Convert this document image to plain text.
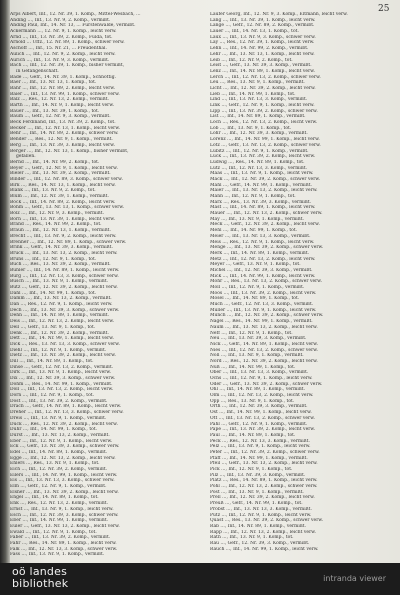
25
Arps Albert, Inf., 12. Nr. 39, 1. Komp., Mittel-Wesbach, ...
Anding ..., Inf., 13. Nr. 9, 2. Komp., vermißt.
Anding Paul, Inf., 14. Nr. 13, ... Fürstenwalde, vermißt.
Ackermann ..., 12. Nr. 9, 1. Komp., leicht verw.
Arnd ..., Inf., 13. Nr. 39, 2. Komp., Fulda, tot.
Arnold ... Uffz., 12. Nr. 89, 1. Komp., schwer verw.
Aschoff ..., Inf., 15. Nr. 21, ... Freudenthal.
Aulich ..., Inf., 12. Nr. 9, 2. Komp., leicht verw.
Aurich ..., Inf., 13. Nr. 9, 3. Komp., vermißt.
Bach ..., Inf., 12. Nr. 39, 1. Komp., bisher vermißt,
in Gefangenschaft.
Bade ..., Gefr., 14. Nr. 39, 1. Komp., Schnöttig.
Baer ..., Inf., 13. Nr. 13, 1. Komp., tot.
Bahr ..., Inf., 12. Nr. 89, 2. Komp., leicht verw.
Baier ..., Inf., 13. Nr. 99, 1. Komp., schwer verw.
Balz ..., Res., 12. Nr. 13, 2. Komp., vermißt.
Barth ..., Inf., 14. Nr. 9, 1. Komp., leicht verw.
Bauer ..., Inf., 13. Nr. 39, 1. Komp., tot.
Baum ..., Gefr., 12. Nr. 9, 3. Komp., vermißt.
Beck Ferdinand, Inf., 13. Nr. 39, 2. Komp., tot.
Becker ..., Inf., 12. Nr. 13, 1. Komp., leicht verw.
Behr ..., Inf., 14. Nr. 89, 2. Komp., schwer verw.
Bender ..., Res., 12. Nr. 9, 1. Komp., vermißt.
Berg ..., Inf., 13. Nr. 39, 3. Komp., leicht verw.
Berger ..., Inf., 12. Nr. 13, 1. Komp., bisher vermißt,
gefallen.
Bernd ..., Inf., 14. Nr. 99, 2. Komp., tot.
Beyer ..., Gefr., 12. Nr. 9, 1. Komp., leicht verw.
Bieler ..., Inf., 13. Nr. 39, 2. Komp., vermißt.
Binder ..., Inf., 12. Nr. 89, 3. Komp., schwer verw.
Birk ..., Res., 14. Nr. 13, 1. Komp., leicht verw.
Blank ..., Inf., 13. Nr. 9, 2. Komp., tot.
Blum ..., Inf., 12. Nr. 39, 1. Komp., vermißt.
Bock ..., Inf., 14. Nr. 89, 2. Komp., leicht verw.
Böhm ..., Gefr., 13. Nr. 13, 1. Komp., schwer verw.
Bolz ..., Inf., 12. Nr. 9, 3. Komp., vermißt.
Born ..., Inf., 13. Nr. 39, 1. Komp., leicht verw.
Brand ..., Res., 14. Nr. 99, 2. Komp., tot.
Braun ..., Inf., 12. Nr. 13, 1. Komp., vermißt.
Brecht ..., Inf., 13. Nr. 9, 2. Komp., leicht verw.
Brenner ..., Inf., 12. Nr. 89, 1. Komp., schwer verw.
Brink ..., Gefr., 14. Nr. 39, 3. Komp., vermißt.
Brück ..., Inf., 13. Nr. 13, 2. Komp., leicht verw.
Bruns ..., Inf., 12. Nr. 9, 1. Komp., tot.
Buch ..., Res., 13. Nr. 39, 2. Komp., vermißt.
Bühler ..., Inf., 14. Nr. 89, 1. Komp., leicht verw.
Burg ..., Inf., 12. Nr. 13, 3. Komp., schwer verw.
Busch ..., Inf., 13. Nr. 9, 1. Komp., vermißt.
Butz ..., Gefr., 12. Nr. 39, 2. Komp., leicht verw.
Dahl ..., Inf., 14. Nr. 99, 1. Komp., tot.
Damm ..., Inf., 13. Nr. 13, 2. Komp., vermißt.
Dan ..., Res., 12. Nr. 9, 1. Komp., leicht verw.
Dech ..., Inf., 13. Nr. 39, 3. Komp., schwer verw.
Dehn ..., Inf., 14. Nr. 89, 1. Komp., vermißt.
Deis ..., Inf., 12. Nr. 13, 2. Komp., leicht verw.
Dell ..., Gefr., 13. Nr. 9, 1. Komp., tot.
Denk ..., Inf., 12. Nr. 39, 2. Komp., vermißt.
Dett ..., Inf., 14. Nr. 99, 1. Komp., leicht verw.
Dick ..., Res., 13. Nr. 13, 3. Komp., schwer verw.
Diehl ..., Inf., 12. Nr. 9, 1. Komp., vermißt.
Dietz ..., Inf., 13. Nr. 39, 2. Komp., leicht verw.
Dill ..., Inf., 14. Nr. 89, 1. Komp., tot.
Dinse ..., Gefr., 12. Nr. 13, 2. Komp., vermißt.
Dirk ..., Inf., 13. Nr. 9, 1. Komp., leicht verw.
Dix ..., Inf., 12. Nr. 39, 3. Komp., schwer verw.
Dohm ..., Res., 14. Nr. 99, 1. Komp., vermißt.
Doll ..., Inf., 13. Nr. 13, 2. Komp., leicht verw.
Dorn ..., Inf., 12. Nr. 9, 1. Komp., tot.
Dost ..., Inf., 13. Nr. 39, 2. Komp., vermißt.
Drach ..., Gefr., 14. Nr. 89, 1. Komp., leicht verw.
Dreher ..., Inf., 12. Nr. 13, 3. Komp., schwer verw.
Dreis ..., Inf., 13. Nr. 9, 1. Komp., vermißt.
Duck ..., Res., 12. Nr. 39, 2. Komp., leicht verw.
Dühr ..., Inf., 14. Nr. 99, 1. Komp., tot.
Durst ..., Inf., 13. Nr. 13, 2. Komp., vermißt.
Eber ..., Inf., 12. Nr. 9, 1. Komp., leicht verw.
Eck ..., Gefr., 13. Nr. 39, 3. Komp., schwer verw.
Edel ..., Inf., 14. Nr. 89, 1. Komp., vermißt.
Egge ..., Inf., 12. Nr. 13, 2. Komp., leicht verw.
Ehlers ..., Res., 13. Nr. 9, 1. Komp., tot.
Eich ..., Inf., 12. Nr. 39, 2. Komp., vermißt.
Eilers ..., Inf., 14. Nr. 99, 1. Komp., leicht verw.
Eis ..., Inf., 13. Nr. 13, 3. Komp., schwer verw.
Elm ..., Gefr., 12. Nr. 9, 1. Komp., vermißt.
Elsner ..., Inf., 13. Nr. 39, 2. Komp., leicht verw.
Engel ..., Inf., 14. Nr. 89, 1. Komp., tot.
Enk ..., Res., 12. Nr. 13, 2. Komp., vermißt.
Ernst ..., Inf., 13. Nr. 9, 1. Komp., leicht verw.
Esch ..., Inf., 12. Nr. 39, 3. Komp., schwer verw.
Eßer ..., Inf., 14. Nr. 99, 1. Komp., vermißt.
Euler ..., Gefr., 13. Nr. 13, 2. Komp., leicht verw.
Ewald ..., Inf., 12. Nr. 9, 1. Komp., tot.
Faber ..., Inf., 13. Nr. 39, 2. Komp., vermißt.
Fahr ..., Res., 14. Nr. 89, 1. Komp., leicht verw.
Falk ..., Inf., 12. Nr. 13, 3. Komp., schwer verw.
Fass ..., Inf., 13. Nr. 9, 1. Komp., vermißt.
Laufer Georg, Inf., 12. Nr. 9, 3. Komp., Eltmann, leicht verw.
Lang ..., Inf., 13. Nr. 39, 1. Komp., leicht verw.
Lange ..., Gefr., 12. Nr. 89, 2. Komp., vermißt.
Lauer ..., Inf., 14. Nr. 13, 1. Komp., tot.
Laux ..., Inf., 13. Nr. 9, 3. Komp., schwer verw.
Lay ..., Res., 12. Nr. 39, 1. Komp., leicht verw.
Lehn ..., Inf., 14. Nr. 99, 2. Komp., vermißt.
Lehr ..., Inf., 13. Nr. 13, 1. Komp., leicht verw.
Leib ..., Inf., 12. Nr. 9, 2. Komp., tot.
Leist ..., Gefr., 13. Nr. 39, 3. Komp., vermißt.
Lenz ..., Inf., 14. Nr. 89, 1. Komp., leicht verw.
Lerch ..., Inf., 12. Nr. 13, 2. Komp., schwer verw.
Leu ..., Res., 13. Nr. 9, 1. Komp., vermißt.
Licht ..., Inf., 12. Nr. 39, 2. Komp., leicht verw.
Lieb ..., Inf., 14. Nr. 99, 1. Komp., tot.
Lind ..., Inf., 13. Nr. 13, 3. Komp., vermißt.
Link ..., Gefr., 12. Nr. 9, 1. Komp., leicht verw.
Lipp ..., Inf., 13. Nr. 39, 2. Komp., schwer verw.
List ..., Inf., 14. Nr. 89, 1. Komp., vermißt.
Loch ..., Res., 12. Nr. 13, 2. Komp., leicht verw.
Löb ..., Inf., 13. Nr. 9, 1. Komp., tot.
Lohr ..., Inf., 12. Nr. 39, 3. Komp., vermißt.
Lorenz ..., Inf., 14. Nr. 99, 1. Komp., leicht verw.
Lotz ..., Gefr., 13. Nr. 13, 2. Komp., schwer verw.
Lubitz ..., Inf., 12. Nr. 9, 1. Komp., vermißt.
Lück ..., Inf., 13. Nr. 39, 2. Komp., leicht verw.
Ludwig ..., Res., 14. Nr. 89, 1. Komp., tot.
Lutz ..., Inf., 12. Nr. 13, 3. Komp., vermißt.
Maas ..., Inf., 13. Nr. 9, 1. Komp., leicht verw.
Mack ..., Inf., 12. Nr. 39, 2. Komp., schwer verw.
Mahl ..., Gefr., 14. Nr. 99, 1. Komp., vermißt.
Maier ..., Inf., 13. Nr. 13, 2. Komp., leicht verw.
Mann ..., Inf., 12. Nr. 9, 1. Komp., tot.
Marx ..., Res., 13. Nr. 39, 3. Komp., vermißt.
Mast ..., Inf., 14. Nr. 89, 1. Komp., leicht verw.
Mauer ..., Inf., 12. Nr. 13, 2. Komp., schwer verw.
May ..., Inf., 13. Nr. 9, 1. Komp., vermißt.
Meck ..., Gefr., 12. Nr. 39, 2. Komp., leicht verw.
Mehl ..., Inf., 14. Nr. 99, 1. Komp., tot.
Meier ..., Inf., 13. Nr. 13, 3. Komp., vermißt.
Meis ..., Res., 12. Nr. 9, 1. Komp., leicht verw.
Menge ..., Inf., 13. Nr. 39, 2. Komp., schwer verw.
Merk ..., Inf., 14. Nr. 89, 1. Komp., vermißt.
Metz ..., Inf., 12. Nr. 13, 2. Komp., leicht verw.
Meyer ..., Gefr., 13. Nr. 9, 1. Komp., tot.
Michel ..., Inf., 12. Nr. 39, 3. Komp., vermißt.
Mick ..., Inf., 14. Nr. 99, 1. Komp., leicht verw.
Mohr ..., Res., 13. Nr. 13, 2. Komp., schwer verw.
Moll ..., Inf., 12. Nr. 9, 1. Komp., vermißt.
Moos ..., Inf., 13. Nr. 39, 2. Komp., leicht verw.
Mosel ..., Inf., 14. Nr. 89, 1. Komp., tot.
Much ..., Gefr., 12. Nr. 13, 3. Komp., vermißt.
Müller ..., Inf., 13. Nr. 9, 1. Komp., leicht verw.
Münch ..., Inf., 12. Nr. 39, 2. Komp., schwer verw.
Nagel ..., Res., 14. Nr. 99, 1. Komp., vermißt.
Naum ..., Inf., 13. Nr. 13, 2. Komp., leicht verw.
Neff ..., Inf., 12. Nr. 9, 1. Komp., tot.
Neu ..., Inf., 13. Nr. 39, 3. Komp., vermißt.
Nick ..., Gefr., 14. Nr. 89, 1. Komp., leicht verw.
Nies ..., Inf., 12. Nr. 13, 2. Komp., schwer verw.
Noll ..., Inf., 13. Nr. 9, 1. Komp., vermißt.
Nord ..., Res., 12. Nr. 39, 2. Komp., leicht verw.
Nuß ..., Inf., 14. Nr. 99, 1. Komp., tot.
Ober ..., Inf., 13. Nr. 13, 3. Komp., vermißt.
Ochs ..., Inf., 12. Nr. 9, 1. Komp., leicht verw.
Oder ..., Gefr., 13. Nr. 39, 2. Komp., schwer verw.
Ohl ..., Inf., 14. Nr. 89, 1. Komp., vermißt.
Olm ..., Inf., 12. Nr. 13, 2. Komp., leicht verw.
Opp ..., Res., 13. Nr. 9, 1. Komp., tot.
Orth ..., Inf., 12. Nr. 39, 3. Komp., vermißt.
Ost ..., Inf., 14. Nr. 99, 1. Komp., leicht verw.
Ott ..., Inf., 13. Nr. 13, 2. Komp., schwer verw.
Pahl ..., Gefr., 12. Nr. 9, 1. Komp., vermißt.
Pape ..., Inf., 13. Nr. 39, 2. Komp., leicht verw.
Paul ..., Inf., 14. Nr. 89, 1. Komp., tot.
Peck ..., Res., 12. Nr. 13, 3. Komp., vermißt.
Pelz ..., Inf., 13. Nr. 9, 1. Komp., leicht verw.
Peter ..., Inf., 12. Nr. 39, 2. Komp., schwer verw.
Pfaff ..., Inf., 14. Nr. 99, 1. Komp., vermißt.
Pfeil ..., Gefr., 13. Nr. 13, 2. Komp., leicht verw.
Pick ..., Inf., 12. Nr. 9, 1. Komp., tot.
Pilz ..., Inf., 13. Nr. 39, 3. Komp., vermißt.
Platz ..., Res., 14. Nr. 89, 1. Komp., leicht verw.
Pohl ..., Inf., 12. Nr. 13, 2. Komp., schwer verw.
Post ..., Inf., 13. Nr. 9, 1. Komp., vermißt.
Prell ..., Inf., 12. Nr. 39, 2. Komp., leicht verw.
Preuß ..., Gefr., 14. Nr. 99, 1. Komp., tot.
Probst ..., Inf., 13. Nr. 13, 3. Komp., vermißt.
Pütz ..., Inf., 12. Nr. 9, 1. Komp., leicht verw.
Quast ..., Res., 13. Nr. 39, 2. Komp., schwer verw.
Rab ..., Inf., 14. Nr. 89, 1. Komp., vermißt.
Rapp ..., Inf., 12. Nr. 13, 2. Komp., leicht verw.
Rath ..., Inf., 13. Nr. 9, 1. Komp., tot.
Rau ..., Gefr., 12. Nr. 39, 3. Komp., vermißt.
Rauch ..., Inf., 14. Nr. 99, 1. Komp., leicht verw.
oö landes
bibliothek	intranda viewer
